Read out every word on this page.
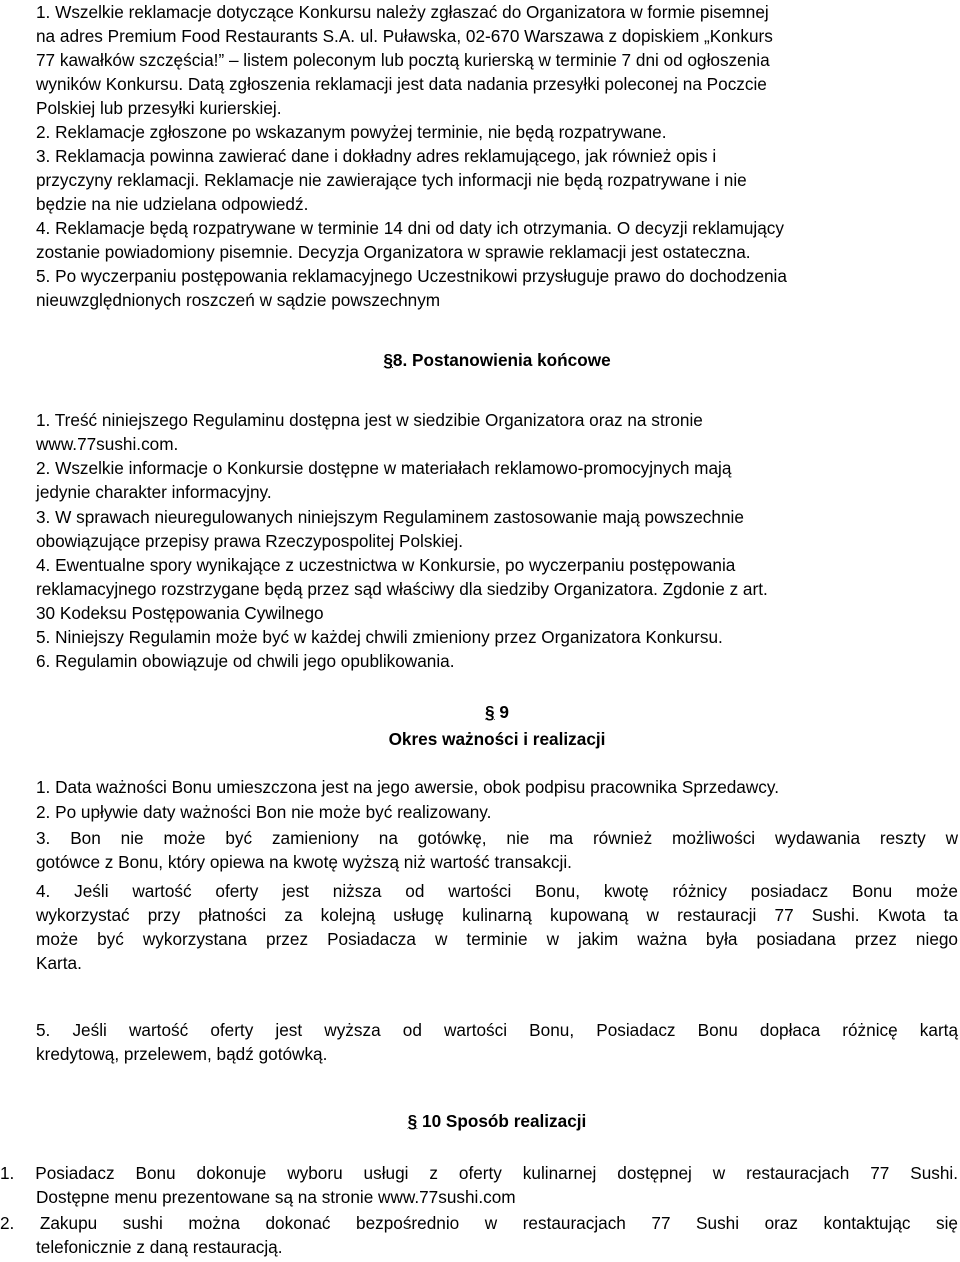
1. Wszelkie reklamacje dotyczące Konkursu należy zgłaszać do Organizatora w formie pisemnej

na adres Premium Food Restaurants S.A. ul. Puławska, 02-670 Warszawa z dopiskiem „Konkurs

77 kawałków szczęścia!” – listem poleconym lub pocztą kurierską w terminie 7 dni od ogłoszenia

wyników Konkursu. Datą zgłoszenia reklamacji jest data nadania przesyłki poleconej na Poczcie

Polskiej lub przesyłki kurierskiej.

2. Reklamacje zgłoszone po wskazanym powyżej terminie, nie będą rozpatrywane.

3. Reklamacja powinna zawierać dane i dokładny adres reklamującego, jak również opis i

przyczyny reklamacji. Reklamacje nie zawierające tych informacji nie będą rozpatrywane i nie

będzie na nie udzielana odpowiedź.

4. Reklamacje będą rozpatrywane w terminie 14 dni od daty ich otrzymania. O decyzji reklamujący

zostanie powiadomiony pisemnie. Decyzja Organizatora w sprawie reklamacji jest ostateczna.

5. Po wyczerpaniu postępowania reklamacyjnego Uczestnikowi przysługuje prawo do dochodzenia

nieuwzględnionych roszczeń w sądzie powszechnym

§8. Postanowienia końcowe

1. Treść niniejszego Regulaminu dostępna jest w siedzibie Organizatora oraz na stronie

www.77sushi.com.

2. Wszelkie informacje o Konkursie dostępne w materiałach reklamowo-promocyjnych mają

jedynie charakter informacyjny.

3. W sprawach nieuregulowanych niniejszym Regulaminem zastosowanie mają powszechnie

obowiązujące przepisy prawa Rzeczypospolitej Polskiej.

4. Ewentualne spory wynikające z uczestnictwa w Konkursie, po wyczerpaniu postępowania

reklamacyjnego rozstrzygane będą przez sąd właściwy dla siedziby Organizatora. Zgdonie z art.

30 Kodeksu Postępowania Cywilnego

5. Niniejszy Regulamin może być w każdej chwili zmieniony przez Organizatora Konkursu.

6. Regulamin obowiązuje od chwili jego opublikowania.

§ 9
Okres ważności i realizacji

1. Data ważności Bonu umieszczona jest na jego awersie, obok podpisu pracownika Sprzedawcy.

2. Po upływie daty ważności Bon nie może być realizowany.

3. Bon nie może być zamieniony na gotówkę, nie ma również możliwości wydawania reszty w

gotówce z Bonu, który opiewa na kwotę wyższą niż wartość transakcji.

4. Jeśli wartość oferty jest niższa od wartości Bonu, kwotę różnicy posiadacz Bonu może

wykorzystać przy płatności za kolejną usługę kulinarną kupowaną w restauracji 77 Sushi. Kwota ta

może być wykorzystana przez Posiadacza w terminie w jakim ważna była posiadana przez niego

Karta.

5. Jeśli wartość oferty jest wyższa od wartości Bonu, Posiadacz Bonu dopłaca różnicę kartą

kredytową, przelewem, bądź gotówką.

§ 10 Sposób realizacji

1. Posiadacz Bonu dokonuje wyboru usługi z oferty kulinarnej dostępnej w restauracjach 77 Sushi.

Dostępne menu prezentowane są na stronie www.77sushi.com

2. Zakupu sushi można dokonać bezpośrednio w restauracjach 77 Sushi oraz kontaktując się

telefonicznie z daną restauracją.
